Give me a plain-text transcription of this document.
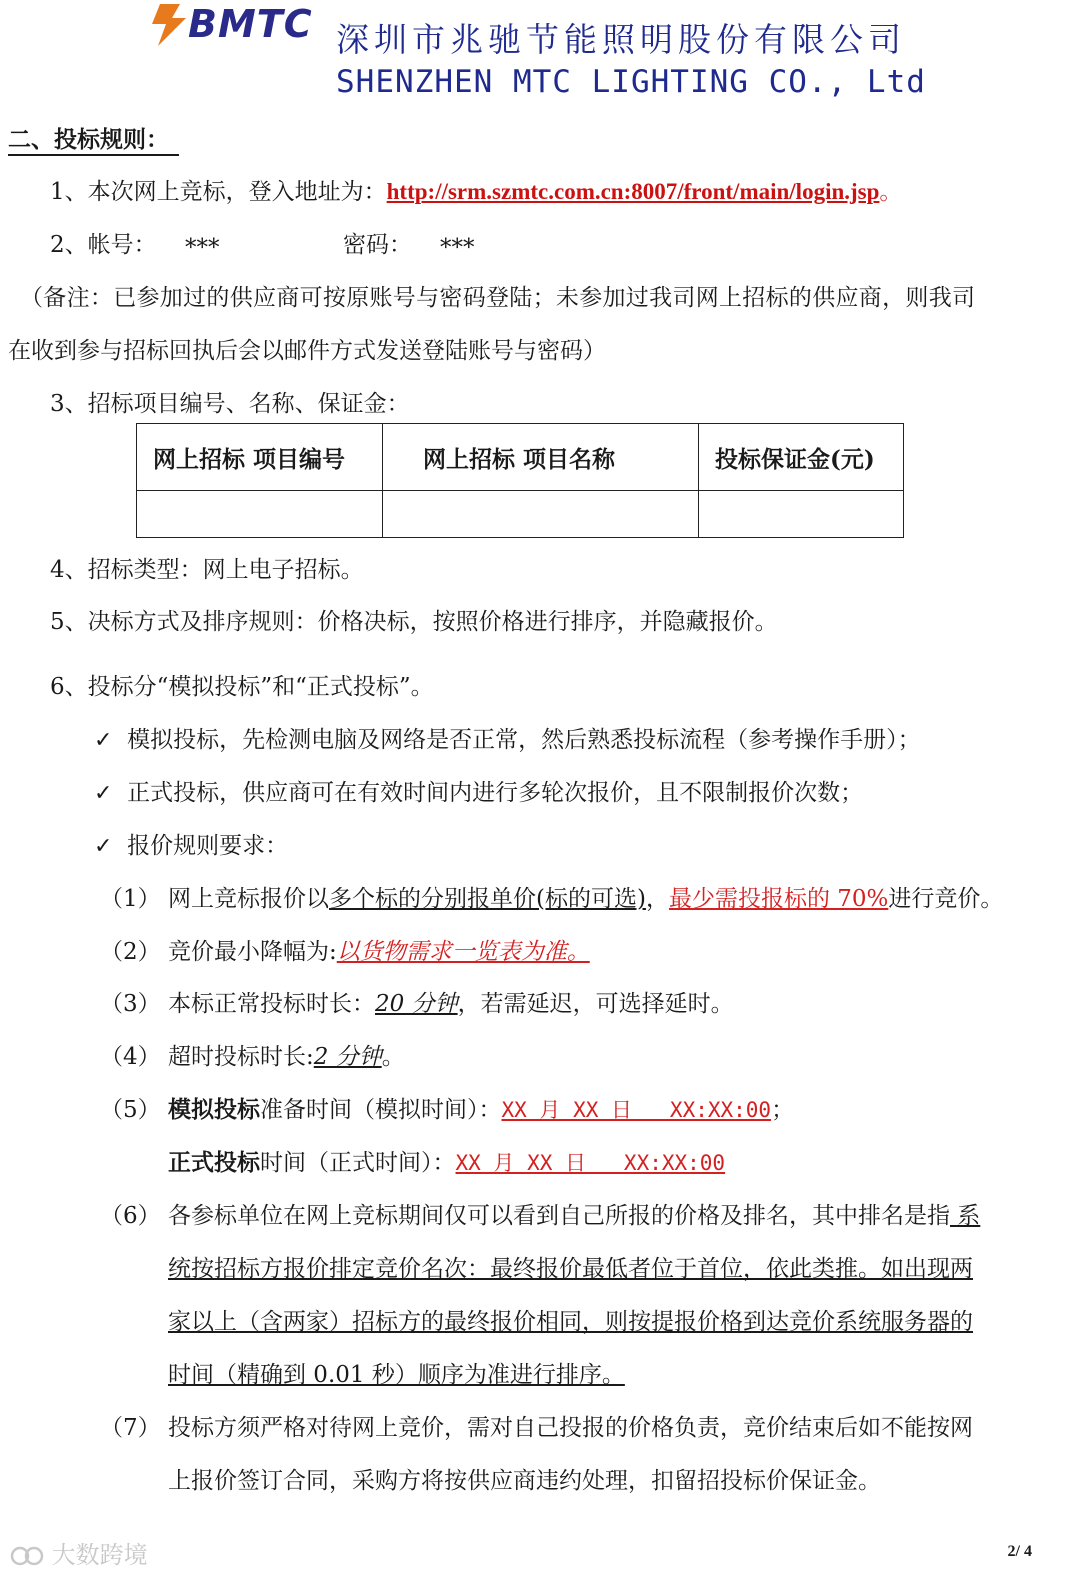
BMTC 深圳市兆驰节能照明股份有限公司
SHENZHEN MTC LIGHTING CO., Ltd
二、投标规则：
1、本次网上竞标，登入地址为：http://srm.szmtc.com.cn:8007/front/main/login.jsp。
2、帐号： ***	密码： ***
（备注：已参加过的供应商可按原账号与密码登陆；未参加过我司网上招标的供应商，则我司
在收到参与招标回执后会以邮件方式发送登陆账号与密码）
3、招标项目编号、名称、保证金：
网上招标 项目编号	网上招标 项目名称	投标保证金(元)

4、招标类型：网上电子招标。
5、决标方式及排序规则：价格决标，按照价格进行排序，并隐藏报价。
6、投标分“模拟投标”和“正式投标”。
✓ 模拟投标，先检测电脑及网络是否正常，然后熟悉投标流程（参考操作手册）；
✓ 正式投标，供应商可在有效时间内进行多轮次报价，且不限制报价次数；
✓ 报价规则要求：
（1） 网上竞标报价以多个标的分别报单价(标的可选)，最少需投报标的 70%进行竞价。
（2） 竞价最小降幅为:以货物需求一览表为准。
（3） 本标正常投标时长：20 分钟，若需延迟，可选择延时。
（4） 超时投标时长:2 分钟。
（5） 模拟投标准备时间（模拟时间）：XX 月 XX 日   XX:XX:00；
正式投标时间（正式时间）：XX 月 XX 日   XX:XX:00
（6） 各参标单位在网上竞标期间仅可以看到自己所报的价格及排名，其中排名是指 系
统按招标方报价排定竞价名次：最终报价最低者位于首位，依此类推。如出现两
家以上（含两家）招标方的最终报价相同，则按提报价格到达竞价系统服务器的
时间（精确到 0.01 秒）顺序为准进行排序。
（7） 投标方须严格对待网上竞价，需对自己投报的价格负责，竞价结束后如不能按网
上报价签订合同，采购方将按供应商违约处理，扣留招投标价保证金。
大数跨境	2/ 4
